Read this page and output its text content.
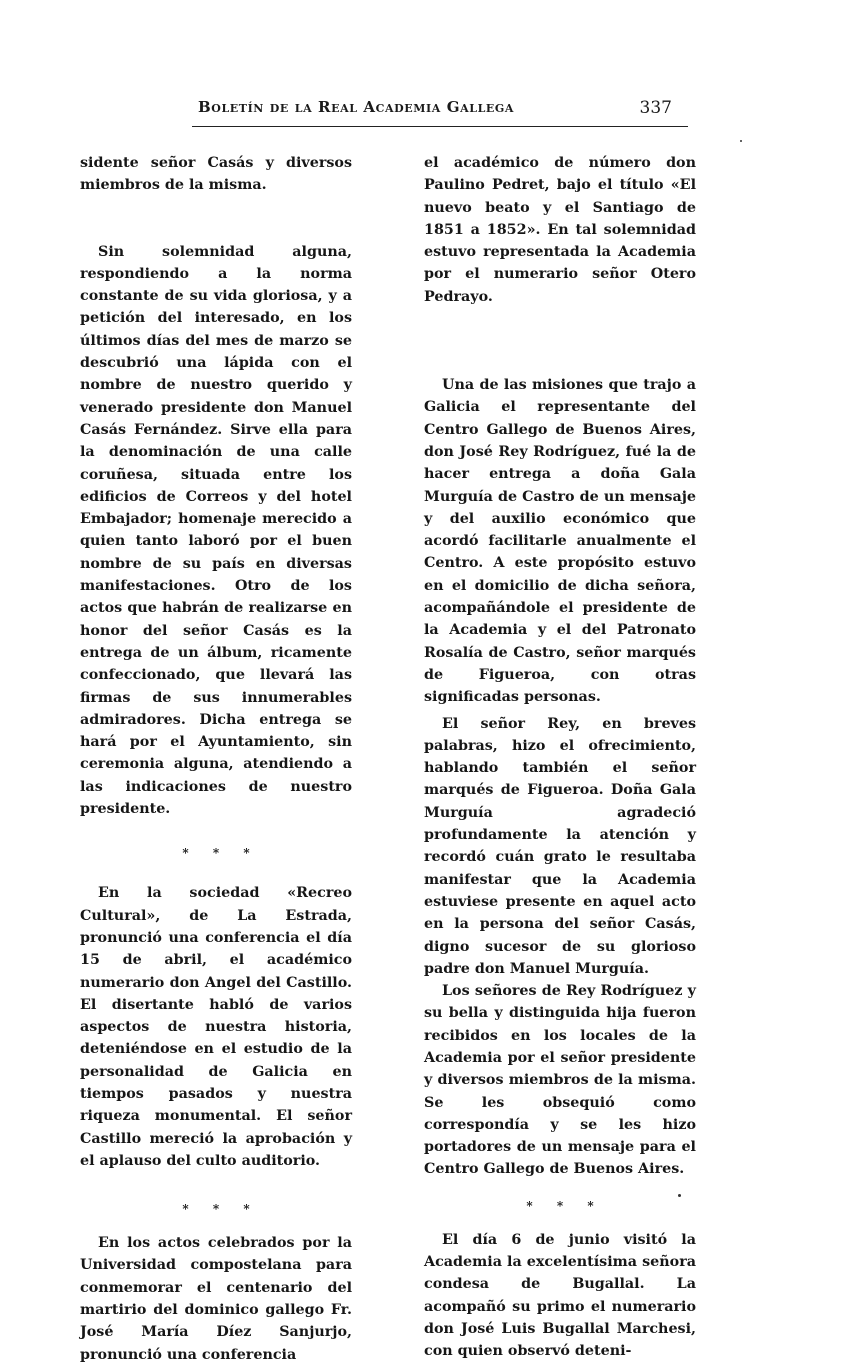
Boletín de la Real Academia Gallega	337

sidente señor Casás y diversos miembros de la misma.

Sin solemnidad alguna, respondiendo a la norma constante de su vida gloriosa, y a petición del interesado, en los últimos días del mes de marzo se descubrió una lápida con el nombre de nuestro querido y venerado presidente don Manuel Casás Fernández. Sirve ella para la denominación de una calle coruñesa, situada entre los edificios de Correos y del hotel Embajador; homenaje merecido a quien tanto laboró por el buen nombre de su país en diversas manifestaciones. Otro de los actos que habrán de realizarse en honor del señor Casás es la entrega de un álbum, ricamente confeccionado, que llevará las firmas de sus innumerables admiradores. Dicha entrega se hará por el Ayuntamiento, sin ceremonia alguna, atendiendo a las indicaciones de nuestro presidente.

* * *

En la sociedad «Recreo Cultural», de La Estrada, pronunció una conferencia el día 15 de abril, el académico numerario don Angel del Castillo. El disertante habló de varios aspectos de nuestra historia, deteniéndose en el estudio de la personalidad de Galicia en tiempos pasados y nuestra riqueza monumental. El señor Castillo mereció la aprobación y el aplauso del culto auditorio.

* * *

En los actos celebrados por la Universidad compostelana para conmemorar el centenario del martirio del dominico gallego Fr. José María Díez Sanjurjo, pronunció una conferencia

el académico de número don Paulino Pedret, bajo el título «El nuevo beato y el Santiago de 1851 a 1852». En tal solemnidad estuvo representada la Academia por el numerario señor Otero Pedrayo.

Una de las misiones que trajo a Galicia el representante del Centro Gallego de Buenos Aires, don José Rey Rodríguez, fué la de hacer entrega a doña Gala Murguía de Castro de un mensaje y del auxilio económico que acordó facilitarle anualmente el Centro. A este propósito estuvo en el domicilio de dicha señora, acompañándole el presidente de la Academia y el del Patronato Rosalía de Castro, señor marqués de Figueroa, con otras significadas personas.

El señor Rey, en breves palabras, hizo el ofrecimiento, hablando también el señor marqués de Figueroa. Doña Gala Murguía agradeció profundamente la atención y recordó cuán grato le resultaba manifestar que la Academia estuviese presente en aquel acto en la persona del señor Casás, digno sucesor de su glorioso padre don Manuel Murguía.

Los señores de Rey Rodríguez y su bella y distinguida hija fueron recibidos en los locales de la Academia por el señor presidente y diversos miembros de la misma. Se les obsequió como correspondía y se les hizo portadores de un mensaje para el Centro Gallego de Buenos Aires.

* * *

El día 6 de junio visitó la Academia la excelentísima señora condesa de Bugallal. La acompañó su primo el numerario don José Luis Bugallal Marchesi, con quien observó deteni-
